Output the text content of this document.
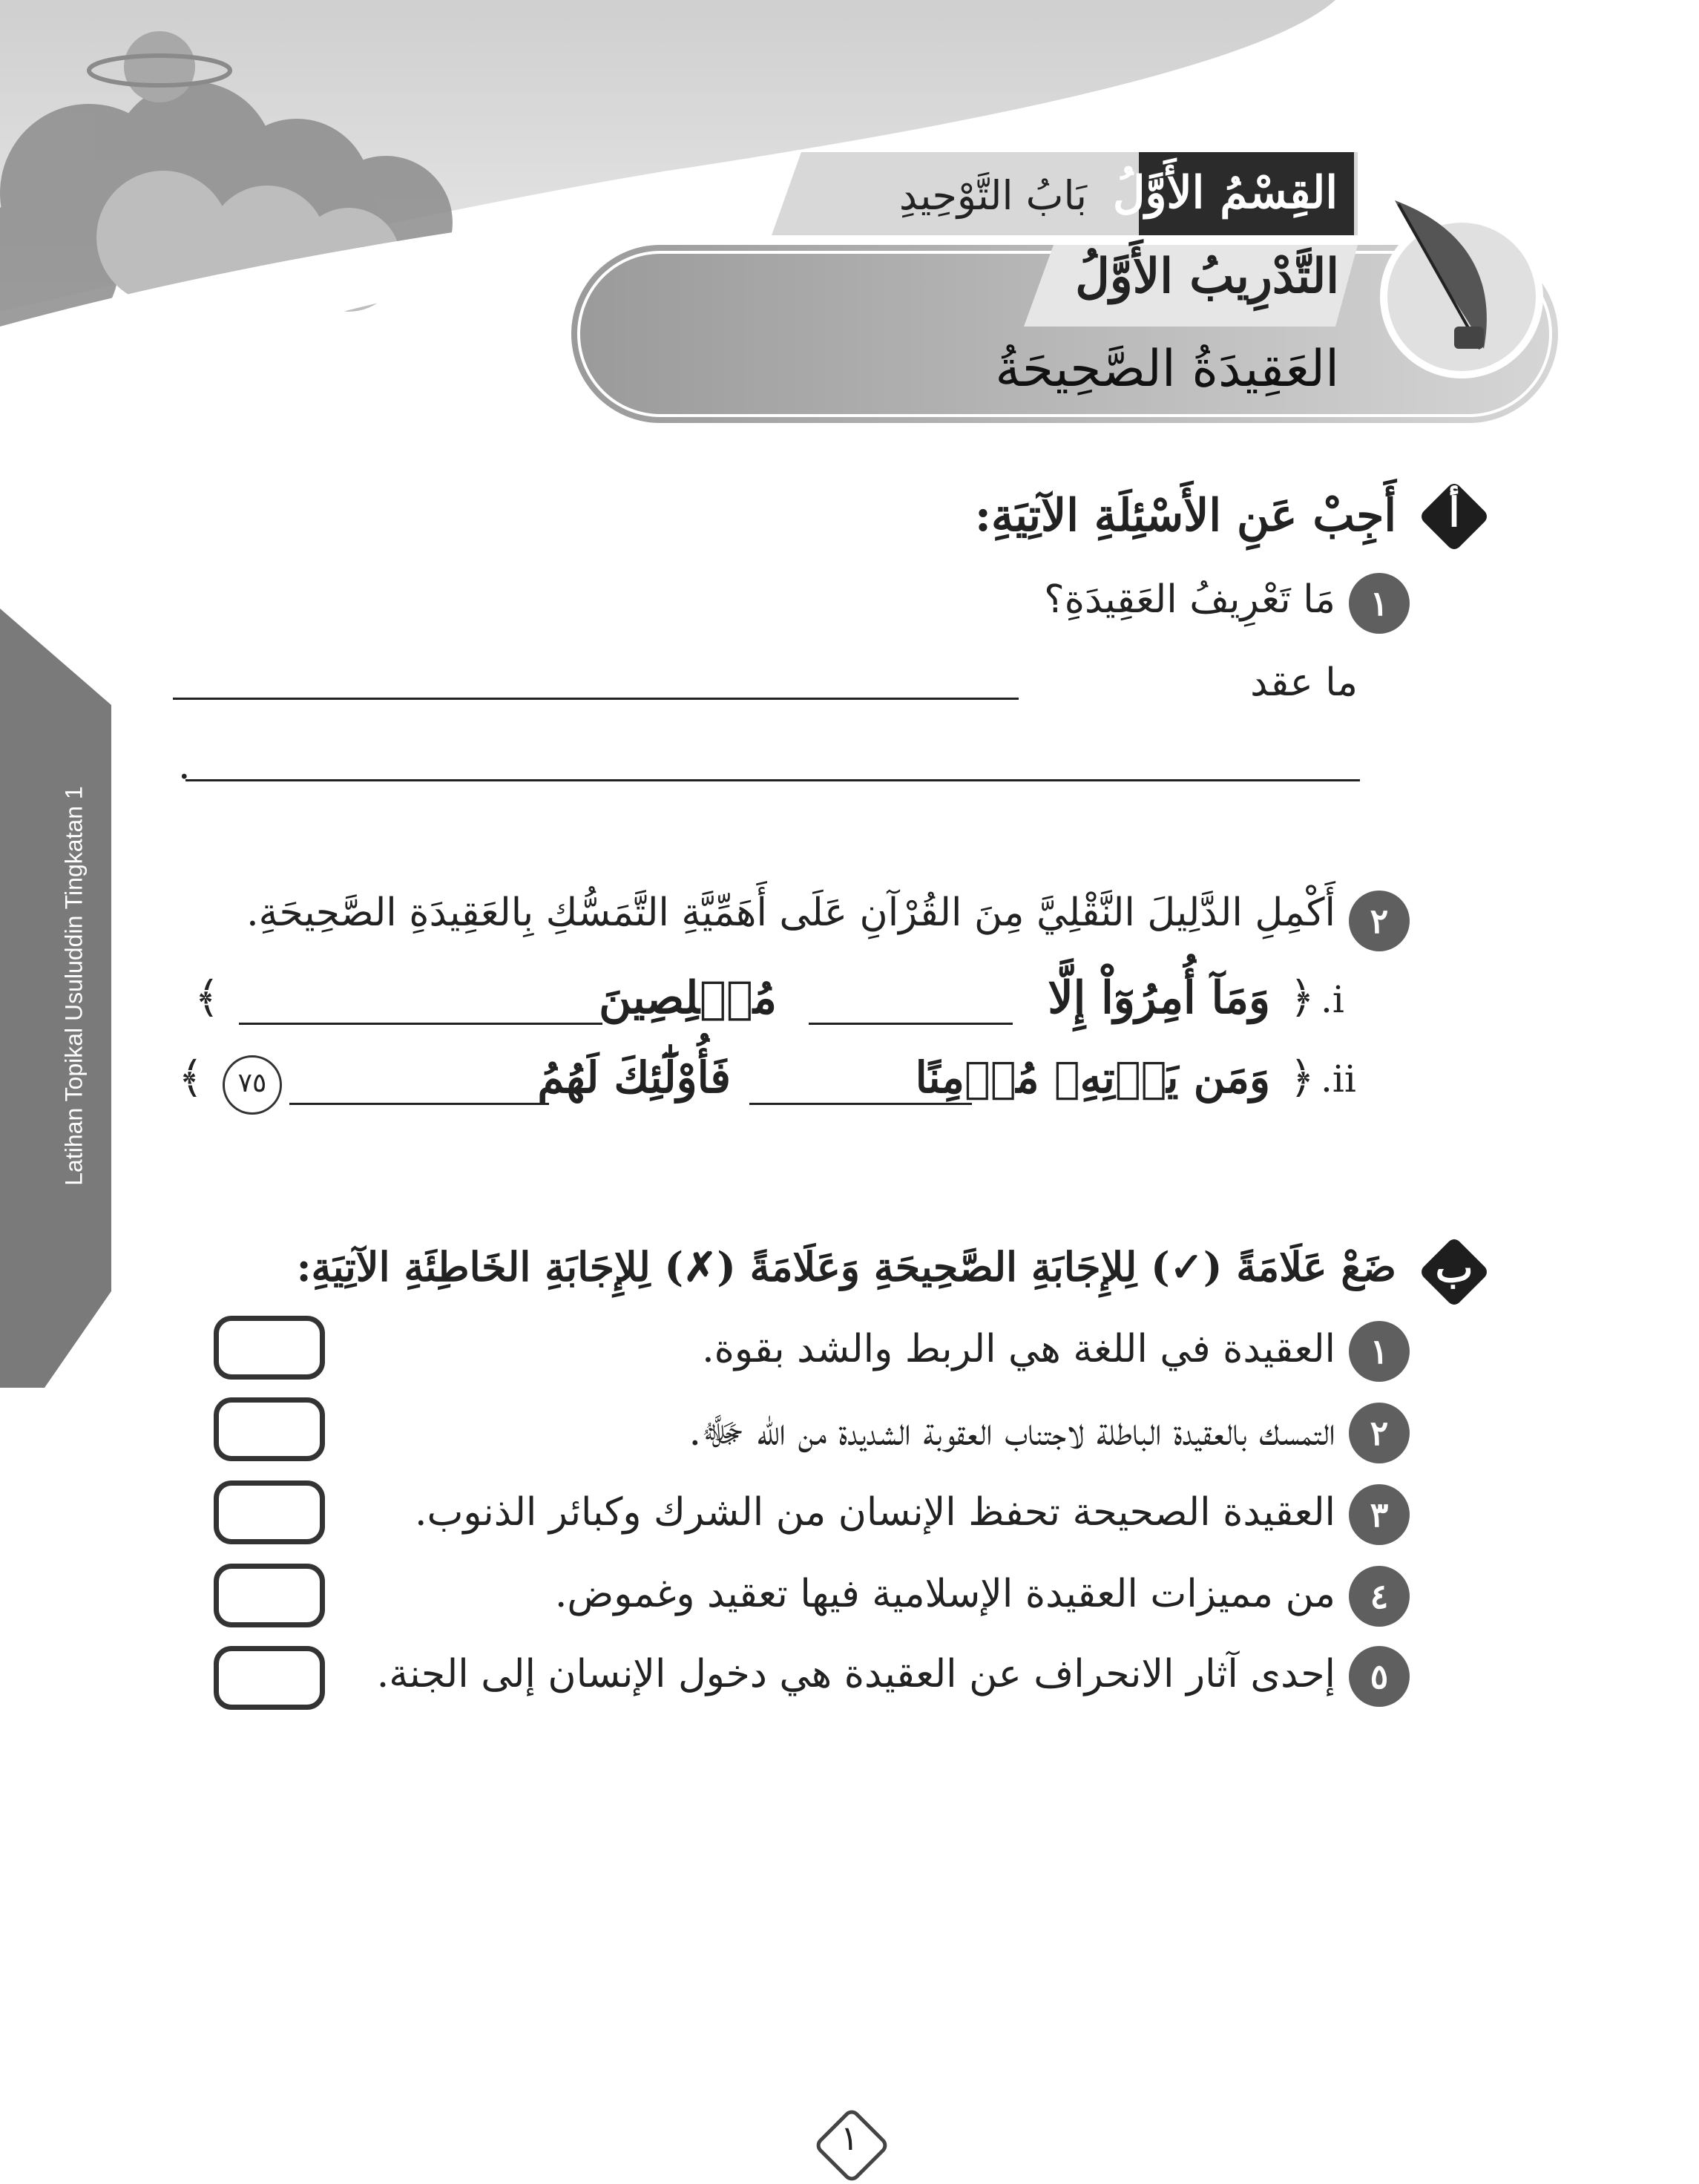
القِسْمُ الأَوَّلُ
بَابُ التَّوْحِيدِ
التَّدْرِيبُ الأَوَّلُ
العَقِيدَةُ الصَّحِيحَةُ
Latihan Topikal Usuluddin Tingkatan 1
أ
أَجِبْ عَنِ الأَسْئِلَةِ الآتِيَةِ:
١
مَا تَعْرِيفُ العَقِيدَةِ؟
ما عقد
.
٢
أَكْمِلِ الدَّلِيلَ النَّقْلِيَّ مِنَ القُرْآنِ عَلَى أَهَمِّيَّةِ التَّمَسُّكِ بِالعَقِيدَةِ الصَّحِيحَةِ.
i.
﴿
وَمَآ أُمِرُوٓاْ إِلَّا
مُخۡلِصِينَ
﴾
ii.
﴿
وَمَن يَأۡتِهِۦ مُؤۡمِنًا
فَأُوْلَٰٓئِكَ لَهُمُ
٧٥
﴾
ب
ضَعْ عَلَامَةً (✓) لِلإِجَابَةِ الصَّحِيحَةِ وَعَلَامَةً (✗) لِلإِجَابَةِ الخَاطِئَةِ الآتِيَةِ:
١
العقيدة في اللغة هي الربط والشد بقوة.
٢
التمسك بالعقيدة الباطلة لاجتناب العقوبة الشديدة من الله ﷻ.
٣
العقيدة الصحيحة تحفظ الإنسان من الشرك وكبائر الذنوب.
٤
من مميزات العقيدة الإسلامية فيها تعقيد وغموض.
٥
إحدى آثار الانحراف عن العقيدة هي دخول الإنسان إلى الجنة.
١
